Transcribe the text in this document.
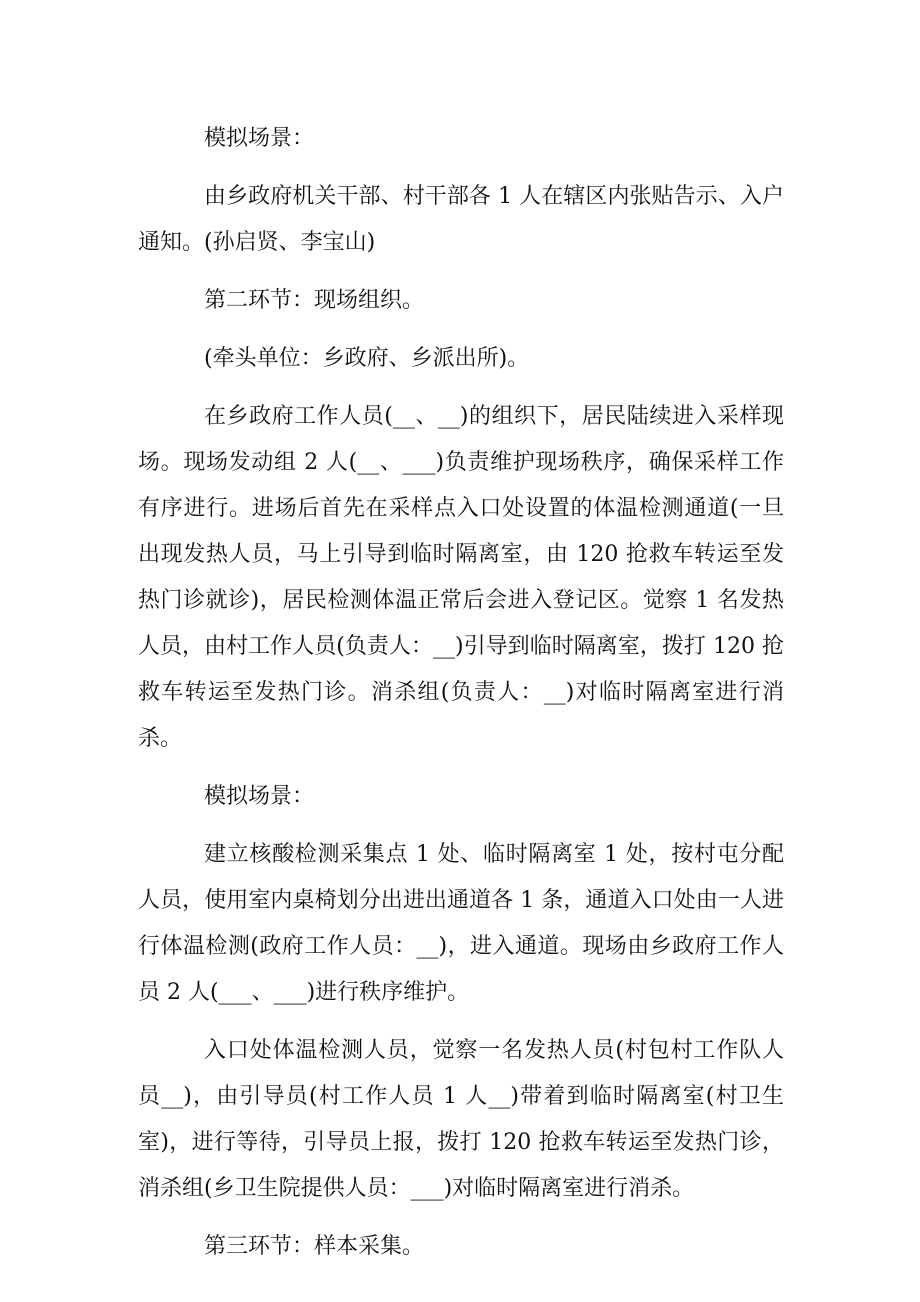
模拟场景：

由乡政府机关干部、村干部各 1 人在辖区内张贴告示、入户通知。(孙启贤、李宝山)

第二环节：现场组织。

(牵头单位：乡政府、乡派出所)。

在乡政府工作人员(__、__)的组织下，居民陆续进入采样现场。现场发动组 2 人(__、___)负责维护现场秩序，确保采样工作有序进行。进场后首先在采样点入口处设置的体温检测通道(一旦出现发热人员，马上引导到临时隔离室，由 120 抢救车转运至发热门诊就诊)，居民检测体温正常后会进入登记区。觉察 1 名发热人员，由村工作人员(负责人：__)引导到临时隔离室，拨打 120 抢救车转运至发热门诊。消杀组(负责人：__)对临时隔离室进行消杀。

模拟场景：

建立核酸检测采集点 1 处、临时隔离室 1 处，按村屯分配人员，使用室内桌椅划分出进出通道各 1 条，通道入口处由一人进行体温检测(政府工作人员：__)，进入通道。现场由乡政府工作人员 2 人(___、___)进行秩序维护。

入口处体温检测人员，觉察一名发热人员(村包村工作队人员__)，由引导员(村工作人员 1 人__)带着到临时隔离室(村卫生室)，进行等待，引导员上报，拨打 120 抢救车转运至发热门诊，消杀组(乡卫生院提供人员：___)对临时隔离室进行消杀。

第三环节：样本采集。
